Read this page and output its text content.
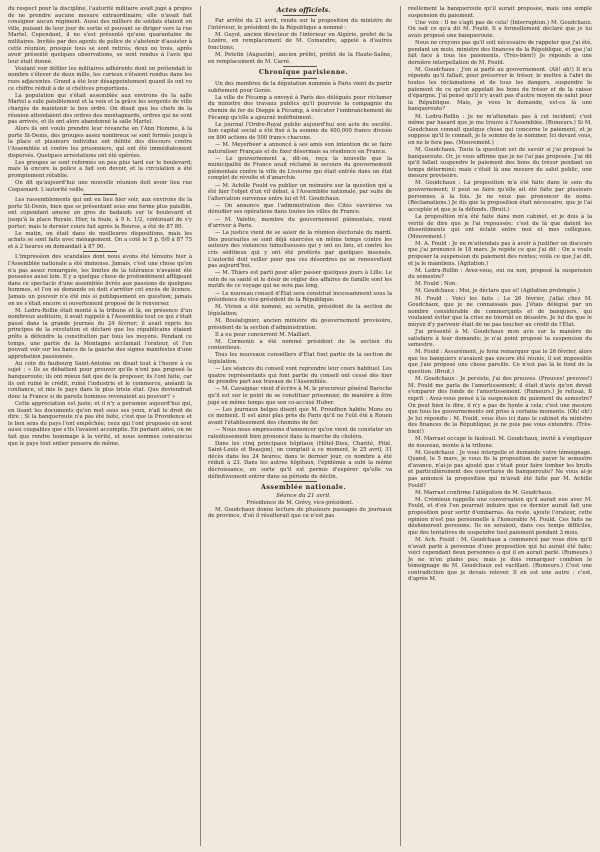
du respect pour la discipline, l'autorité militaire avait jugé à propos de ne prendre aucune mesure extraordinaire; elle n'avait fait consigner aucun régiment. Aussi des milliers de soldats étaient en ville, puisant de leur jour de sortie et pouvant se diriger vers la rue Martel. Cependant, il ne s'est présenté qu'une quarantaine de militaires. Invités par des agents de police de s'abstenir d'assister à cette réunion, presque tous se sont retirés; deux ou trois, après avoir présenté quelques observations, se sont rendus à l'avis qui leur était donné.

Voulant voir défiler les militaires adhérents dont on prétendait le nombre s'élever de deux mille, les curieux s'étaient rendus dans les rues adjacentes. Grand a été leur désappointement quand ils ont vu ce chiffre réduit à de si chétives proportions.

La population qui s'était assemblée aux environs de la salle Martel a subi paisiblement et la voix et la grâce les sergents de ville chargés de maintenir le bon ordre. On disait que les chefs de la réunion attendaient des ordres des montagnards, ordres qui ne sont pas arrivés, et ils ont alors abandonné la salle Martel.

Alors ils ont voulu prendre leur revanche en l'Ann Homme, à la porte St-Denis, des groupes assez nombreux se sont formés jusqu'à la place et plusieurs individus ont débité des discours contre l'Assemblée et contre les prisonniers, qui ont été immédiatement dispersés. Quelques arrestations ont été opérées.

Les groupes se sont reformés un peu plus tard sur le boulevard; mais là encore la police a fait son devoir, et la circulation a été promptement rétablie.

On dit qu'aujourd'hui une nouvelle réunion doit avoir lieu rue Coquenard. L'autorité veille.

Les rassemblements qui ont eu lieu hier soir, aux environs de la porte St-Denis, bien que se présentant sous une forme plus paisible, ont cependant amené un gros de badauds sur le boulevard et jusqu'à la place Royale. Hier, la foule, à 9 h. 1/2, continuait de s'y porter; mais le dernier cours fait après la Bourse, a été de 87 80.

Le matin, on était dans de meilleures dispositions, mais les achats se sont faits avec ménagement. On a coté le 5 p. 0/0 à 87 75 et à 2 heures on demandait à 87 90.

L'impression des scandales dont nous avons été témoins hier à l'Assemblée nationale a été immense. Jamais, c'est une chose qu'on n'a pas assez remarquée, les limites de la tolérance n'avaient été poussées aussi loin. Il y a quelque chose de profondément affligeant dans ce spectacle d'une assemblée livrée aux passions de quelques hommes, et l'on se demande où doit s'arrêter cet excès de licence. Jamais un pouvoir n'a été mis si publiquement en question; jamais on ne s'était encore si ouvertement proposé de le renverser.

M. Ledru-Rollin était monté à la tribune et là, en présence d'un nombreux auditoire, il avait rappelé à l'Assemblée tout ce qui s'était passé dans la grande journée du 24 février; il avait repris les principes de la révolution et déclaré que les républicains étaient prêts à défendre la constitution par tous les moyens. Pendant ce temps, une partie de la Montagne acclamait l'orateur, et l'on pouvait voir sur les bancs de la gauche des signes manifestes d'une approbation passionnée.

Au coin du faubourg Saint-Antoine on disait tout à l'heure à ce sujet : « Ils se débattent pour prouver qu'ils n'ont pas proposé la banqueroute; ils ont mieux fait que de la proposer, ils l'ont faite, car ils ont ruiné le crédit, ruiné l'industrie et le commerce, anéanti la confiance, et mis le pays dans le plus triste état. Que deviendrait donc la France si de pareils hommes revenaient au pouvoir? »

Cette appréciation est juste; et il n'y a personne aujourd'hui qui, en lisant les documents qu'on met sous ses yeux, n'ait le droit de dire : Si la banqueroute n'a pas été faite, c'est que la Providence et le bon sens du pays l'ont empêchée; ceux qui l'ont proposée en sont aussi coupables que s'ils l'avaient accomplie. En parlant ainsi, on ne fait que rendre hommage à la vérité, et nous sommes convaincus que le pays tout entier pensera de même.

Actes officiels.

Par arrêté du 21 avril, rendu sur la proposition du ministre de l'intérieur, le président de la République a nommé :

M. Guyot, ancien directeur de l'intérieur en Algérie, préfet de la Lozère, en remplacement de M. Comandre, appelé à d'autres fonctions;

M. Petetin (Augustin), ancien préfet, préfet de la Haute-Saône, en remplacement de M. Carré.

Chronique parisienne.

Un des membres de la députation nommée à Paris vient de partir subitement pour Gorée.

La ville de Fécamp a envoyé à Paris des délégués pour réclamer du ministre des travaux publics qu'il pourvoie la compagnie du chemin de fer de Dieppe à Fécamp, à exécuter l'embranchement de Fécamp qu'elle a ajourné indéfiniment.

Le journal l'Ordre-Royal publie aujourd'hui son acte de société. Son capital social a été fixé à la somme de 400,000 francs divisée en 800 actions de 500 francs chacune.

— M. Meyerbeer a annoncé à ses amis son intention de se faire naturaliser Français et de fixer désormais sa résidence en France.

— Le gouvernement a, dit-on, reçu la nouvelle que la municipalité de France avait réclamé le secours du gouvernement piémontais contre la ville de Livourne qui était entrée dans un état complet de révolte et d'anarchie.

— M. Achille Fould va publier un mémoire sur la question qui a été hier l'objet d'un vif débat, à l'Assemblée nationale, par suite de l'altercation survenue entre lui et M. Goudchaux.

— On annonce que l'administration des Cités ouvrières va dénudier ses opérations dans toutes les villes de France.

— M. Valette, membre du gouvernement piémontais, vient d'arriver à Paris.

— La justice vient de se saisir de la réunion électorale du mardi. Des poursuites se sont déjà exercées en même temps contre les auteurs des violences tumultueuses qui y ont eu lieu, et contre les cris séditieux qui y ont été proférés par quelques insensés. L'autorité doit veiller pour que ces désordres ne se renouvellent pas aujourd'hui.

— M. Thiers est parti pour aller passer quelques jours à Lille. Le soin de sa santé et le désir de régler des affaires de famille sont les motifs de ce voyage qui ne sera pas long.

— Le nouveau conseil d'État sera constitué incessamment sous la présidence du vice-président de la République.

M. Vivien a été nommé, au scrutin, président de la section de législation;

M. Boulatignier, ancien ministre du gouvernement provisoire, président de la section d'administration.

Il a eu pour concurrent M. Maillart.

M. Cormenin a été nommé président de la section du contentieux.

Tous les nouveaux conseillers d'État font partie de la section de législation.

— Les séances du conseil vont reprendre leur cours habituel. Les quatre représentants qui font partie du conseil ont cessé dès hier de prendre part aux travaux de l'Assemblée.

— M. Cavaignac vient d'écrire à M. le procureur général Baroche qu'il est sur le point de se constituer prisonnier, de manière à être jugé en même temps que son co-accusé Huber.

— Les journaux belges disent que M. Proudhon habite Mons ou ce moment. Il est ainsi plus près de Paris qu'il ne l'eût été à Rouen avant l'établissement des chemins de fer.

— Nous nous empressons d'annoncer qu'on vient de constater un ralentissement bien prononcé dans la marche du choléra.

Dans les cinq principaux hôpitaux (Hôtel-Dieu, Charité, Pitié, Saint-Louis et Beaujon), on comptait à ce moment, le 25 avril, 31 décès dans les 24 heures; dans le dernier jour, ce nombre a été réduit à 23. Dans les autres hôpitaux, l'épidémie a subi la même décroissance, en sorte qu'il est permis d'espérer qu'elle va définitivement entrer dans sa période de déclin.

Assemblée nationale.

Séance du 21 avril.

Présidence de M. Grévy, vice-président.

M. Goudchaux donne lecture de plusieurs passages de journaux de province, d'où il résulterait que ce n'est pas

réellement la banqueroute qu'il aurait proposée, mais une simple suspension du paiement.

Une voix : Il ne s'agit pas de cela! (Interruption.) M. Goudchaux. On sait ce qu'a dit M. Fould. Il a formellement déclaré que je lui avais proposé une banqueroute.

Nous ne croyons pas qu'il soit nécessaire de rappeler que j'ai été, pendant un mois, ministre des finances de la République, et que j'ai fait face à tous les paiements. (Très-bien!) Je réponds à une dernière interpellation de M. Fould.

M. Goudchaux : J'en ai parlé au gouvernement. (Ah! ah!) Il m'a répondu qu'il fallait, pour préserver le trésor, le mettre à l'abri de toutes les réclamations et de tous les dangers, suspendre le paiement de ce qu'on appelait les bons du trésor et de la caisse d'épargne. J'ai pensé qu'il n'y avait pas d'autre moyen de salut pour la République. Mais, je vous le demande, est-ce là une banqueroute?

M. Ledru-Rollin : Je ne m'attendais pas à cet incident; c'est même par hasard que je me trouve à l'Assemblée. (Rumeurs.) Si M. Goudchaux connaît quelque chose qui concerne le paiement, et je suppose qu'il le connaît, je le somme de le nommer. Ici devant vous, on ne le fera pas. (Mouvement.)

M. Goudchaux. Toute la question est de savoir si j'ai proposé la banqueroute. Or, je vous affirme que je ne l'ai pas proposée. J'ai dit qu'il fallait suspendre le paiement des bons du trésor pendant un temps déterminé; mais c'était là une mesure de salut public, une mesure provisoire.

M. Goudchaux : La proposition m'a été faite dans le sein du gouvernement; il peut se faire qu'elle ait été faite par plusieurs personnes à la fois. Je ne veux pas prononcer de noms. (Réclamations.) Je dis que la proposition était nécessaire, que je l'ai acceptée et que je la défends. (Bruit.)

La proposition m'a été faite dans mon cabinet, et je dois à la vérité de dire que je l'ai repoussée; c'est de là que datent les dissentiments qui ont éclaté entre moi et mes collègues. (Mouvement.)

M. A. Fould : Je ne m'attendais pas à avoir à justifier un discours que j'ai prononcé le 18 mars. Je répète ce que j'ai dit : On a voulu proposer la suspension du paiement des rentes; voilà ce que j'ai dit, et je le maintiens. (Agitation.)

M. Ledru-Rollin : Avez-vous, oui ou non, proposé la suspension du semestre?

M. Fould : Non.

M. Goudchaux : Moi, je déclare que si! (Agitation prolongée.)

M. Fould : Voici les faits : Le 26 février, j'allai chez M. Goudchaux, que je ne connaissais pas. J'étais délégué par un nombre considérable de commerçants et de banquiers, qui voulaient éviter que la crise ne tournât en désastre. Je lui dis que le moyen d'y parvenir était de ne pas toucher au crédit de l'État.

J'ai présenté à M. Goudchaux mon avis sur la manière de satisfaire à leur demande; je n'ai point proposé la suspension du semestre.

M. Fould : Assurément, je ferai remarquer que le 26 février, alors que les banquiers n'avaient pas encore été réunis, il est impossible que j'aie proposé une chose pareille. Ce n'est pas là le fond de la question. (Bruit.)

M. Goudchaux : Je persiste, j'ai des preuves. (Preuves! preuves!) M. Fould me parla de l'amortissement; il était d'avis qu'on devait s'emparer des fonds de l'amortissement. (Rumeurs.) Je refusai. Il reprit : Avez-vous pensé à la suspension du paiement du semestre? On peut bien le dire, il n'y a pas de honte à cela; c'est une mesure que tous les gouvernements ont prise à certains moments. (Oh! oh!) Je lui répondis : M. Fould, vous êtes ici dans le cabinet du ministre des finances de la République; je ne puis pas vous entendre. (Très-bien!)

M. Marrast occupe le fauteuil. M. Goudchaux, invité à s'expliquer de nouveau, monte à la tribune.

M. Goudchaux : Je vous interpelle et demande votre témoignage. Quand, le 5 mars, je vous fis la proposition de payer le semestre d'avance, n'ai-je pas ajouté que c'était pour faire tomber les bruits et particulièrement des ouvertures de banqueroute? Ne vous ai-je pas annoncé la proposition qui m'avait été faite par M. Achille Fould?

M. Marrast confirme l'allégation de M. Goudchaux.

M. Crémieux rappelle une conversation qu'il aurait eue avec M. Fould, et d'où l'on pourrait induire que ce dernier aurait fait une proposition pour sortir d'embarras. Au reste, ajoute l'orateur, cette opinion n'est pas personnelle à l'honorable M. Fould. Ces faits ne déshonorent personne. Ils ne seraient, dans ces temps difficiles, que des tentatives de suspendre tout paiement pendant 3 mois.

M. Ach. Fould : M. Goudchaux a commencé par vous dire qu'il n'avait parlé à personne d'une proposition qui lui aurait été faite; voici cependant deux personnes à qui il en aurait parlé. (Rumeurs.) Je ne m'en plains pas; mais je dois remarquer combien le témoignage de M. Goudchaux est vacillant. (Rumeurs.) C'est une contradiction que je devais relever. Il en est une autre : c'est, d'après M.
